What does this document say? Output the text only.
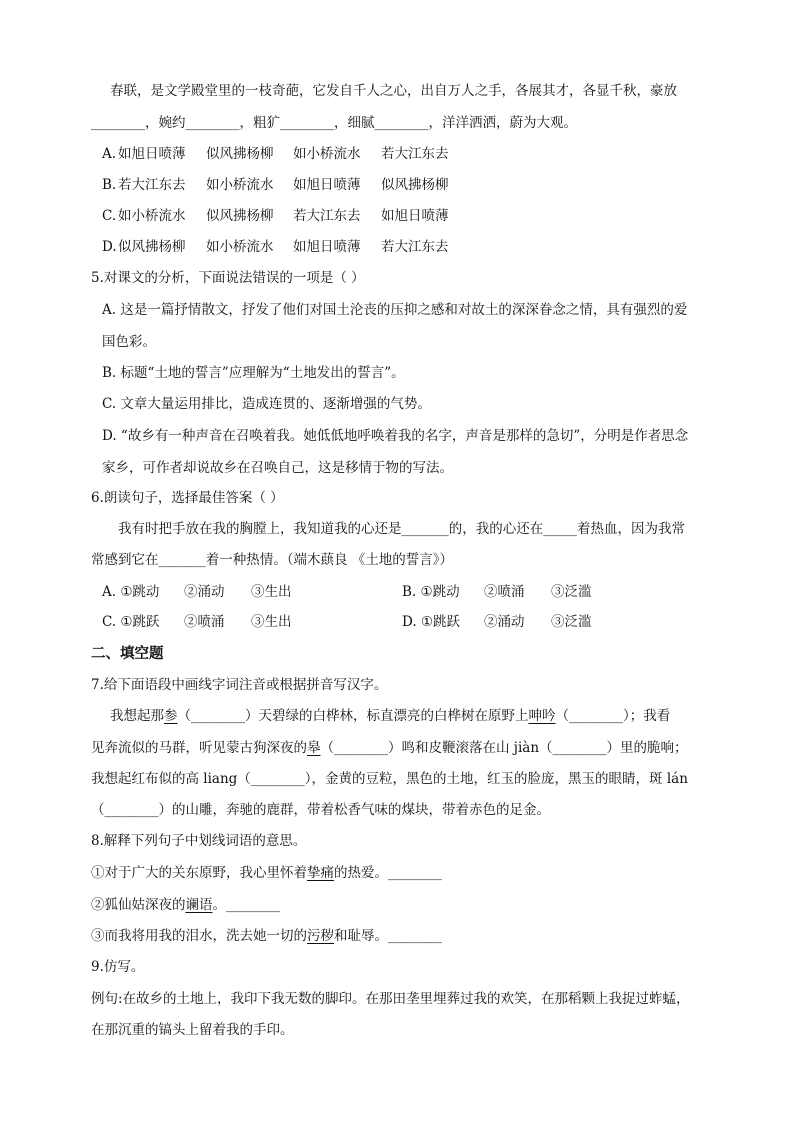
春联，是文学殿堂里的一枝奇葩，它发自千人之心，出自万人之手，各展其才，各显千秋，豪放
________，婉约________，粗犷________，细腻________，洋洋洒洒，蔚为大观。
A. 如旭日喷薄 似风拂杨柳 如小桥流水 若大江东去
B. 若大江东去 如小桥流水 如旭日喷薄 似风拂杨柳
C. 如小桥流水 似风拂杨柳 若大江东去 如旭日喷薄
D. 似风拂杨柳 如小桥流水 如旭日喷薄 若大江东去
5.对课文的分析，下面说法错误的一项是（ ）
A. 这是一篇抒情散文，抒发了他们对国土沦丧的压抑之感和对故土的深深眷念之情，具有强烈的爱
国色彩。
B. 标题“土地的誓言”应理解为“土地发出的誓言”。
C. 文章大量运用排比，造成连贯的、逐渐增强的气势。
D. “故乡有一种声音在召唤着我。她低低地呼唤着我的名字，声音是那样的急切”，分明是作者思念
家乡，可作者却说故乡在召唤自己，这是移情于物的写法。
6.朗读句子，选择最佳答案（ ）
我有时把手放在我的胸膛上，我知道我的心还是_______的，我的心还在_____着热血，因为我常
常感到它在_______着一种热情。（端木蕻良 《土地的誓言》）
A. ①跳动 ②涌动 ③生出	B. ①跳动 ②喷涌 ③泛滥
C. ①跳跃 ②喷涌 ③生出	D. ①跳跃 ②涌动 ③泛滥
二、填空题
7.给下面语段中画线字词注音或根据拼音写汉字。
我想起那参（________）天碧绿的白桦林，标直漂亮的白桦树在原野上呻吟（________）；我看
见奔流似的马群，听见蒙古狗深夜的皋（________）鸣和皮鞭滚落在山 jiàn（________）里的脆响；
我想起红布似的高 liang（________），金黄的豆粒，黑色的土地，红玉的脸庞，黑玉的眼睛，斑 lán
（________）的山雕，奔驰的鹿群，带着松香气味的煤块，带着赤色的足金。
8.解释下列句子中划线词语的意思。
①对于广大的关东原野，我心里怀着挚痛的热爱。________
②狐仙姑深夜的谰语。________
③而我将用我的泪水，洗去她一切的污秽和耻辱。________
9.仿写。
例句:在故乡的土地上，我印下我无数的脚印。在那田垄里埋葬过我的欢笑，在那稻颗上我捉过蚱蜢，
在那沉重的镐头上留着我的手印。
